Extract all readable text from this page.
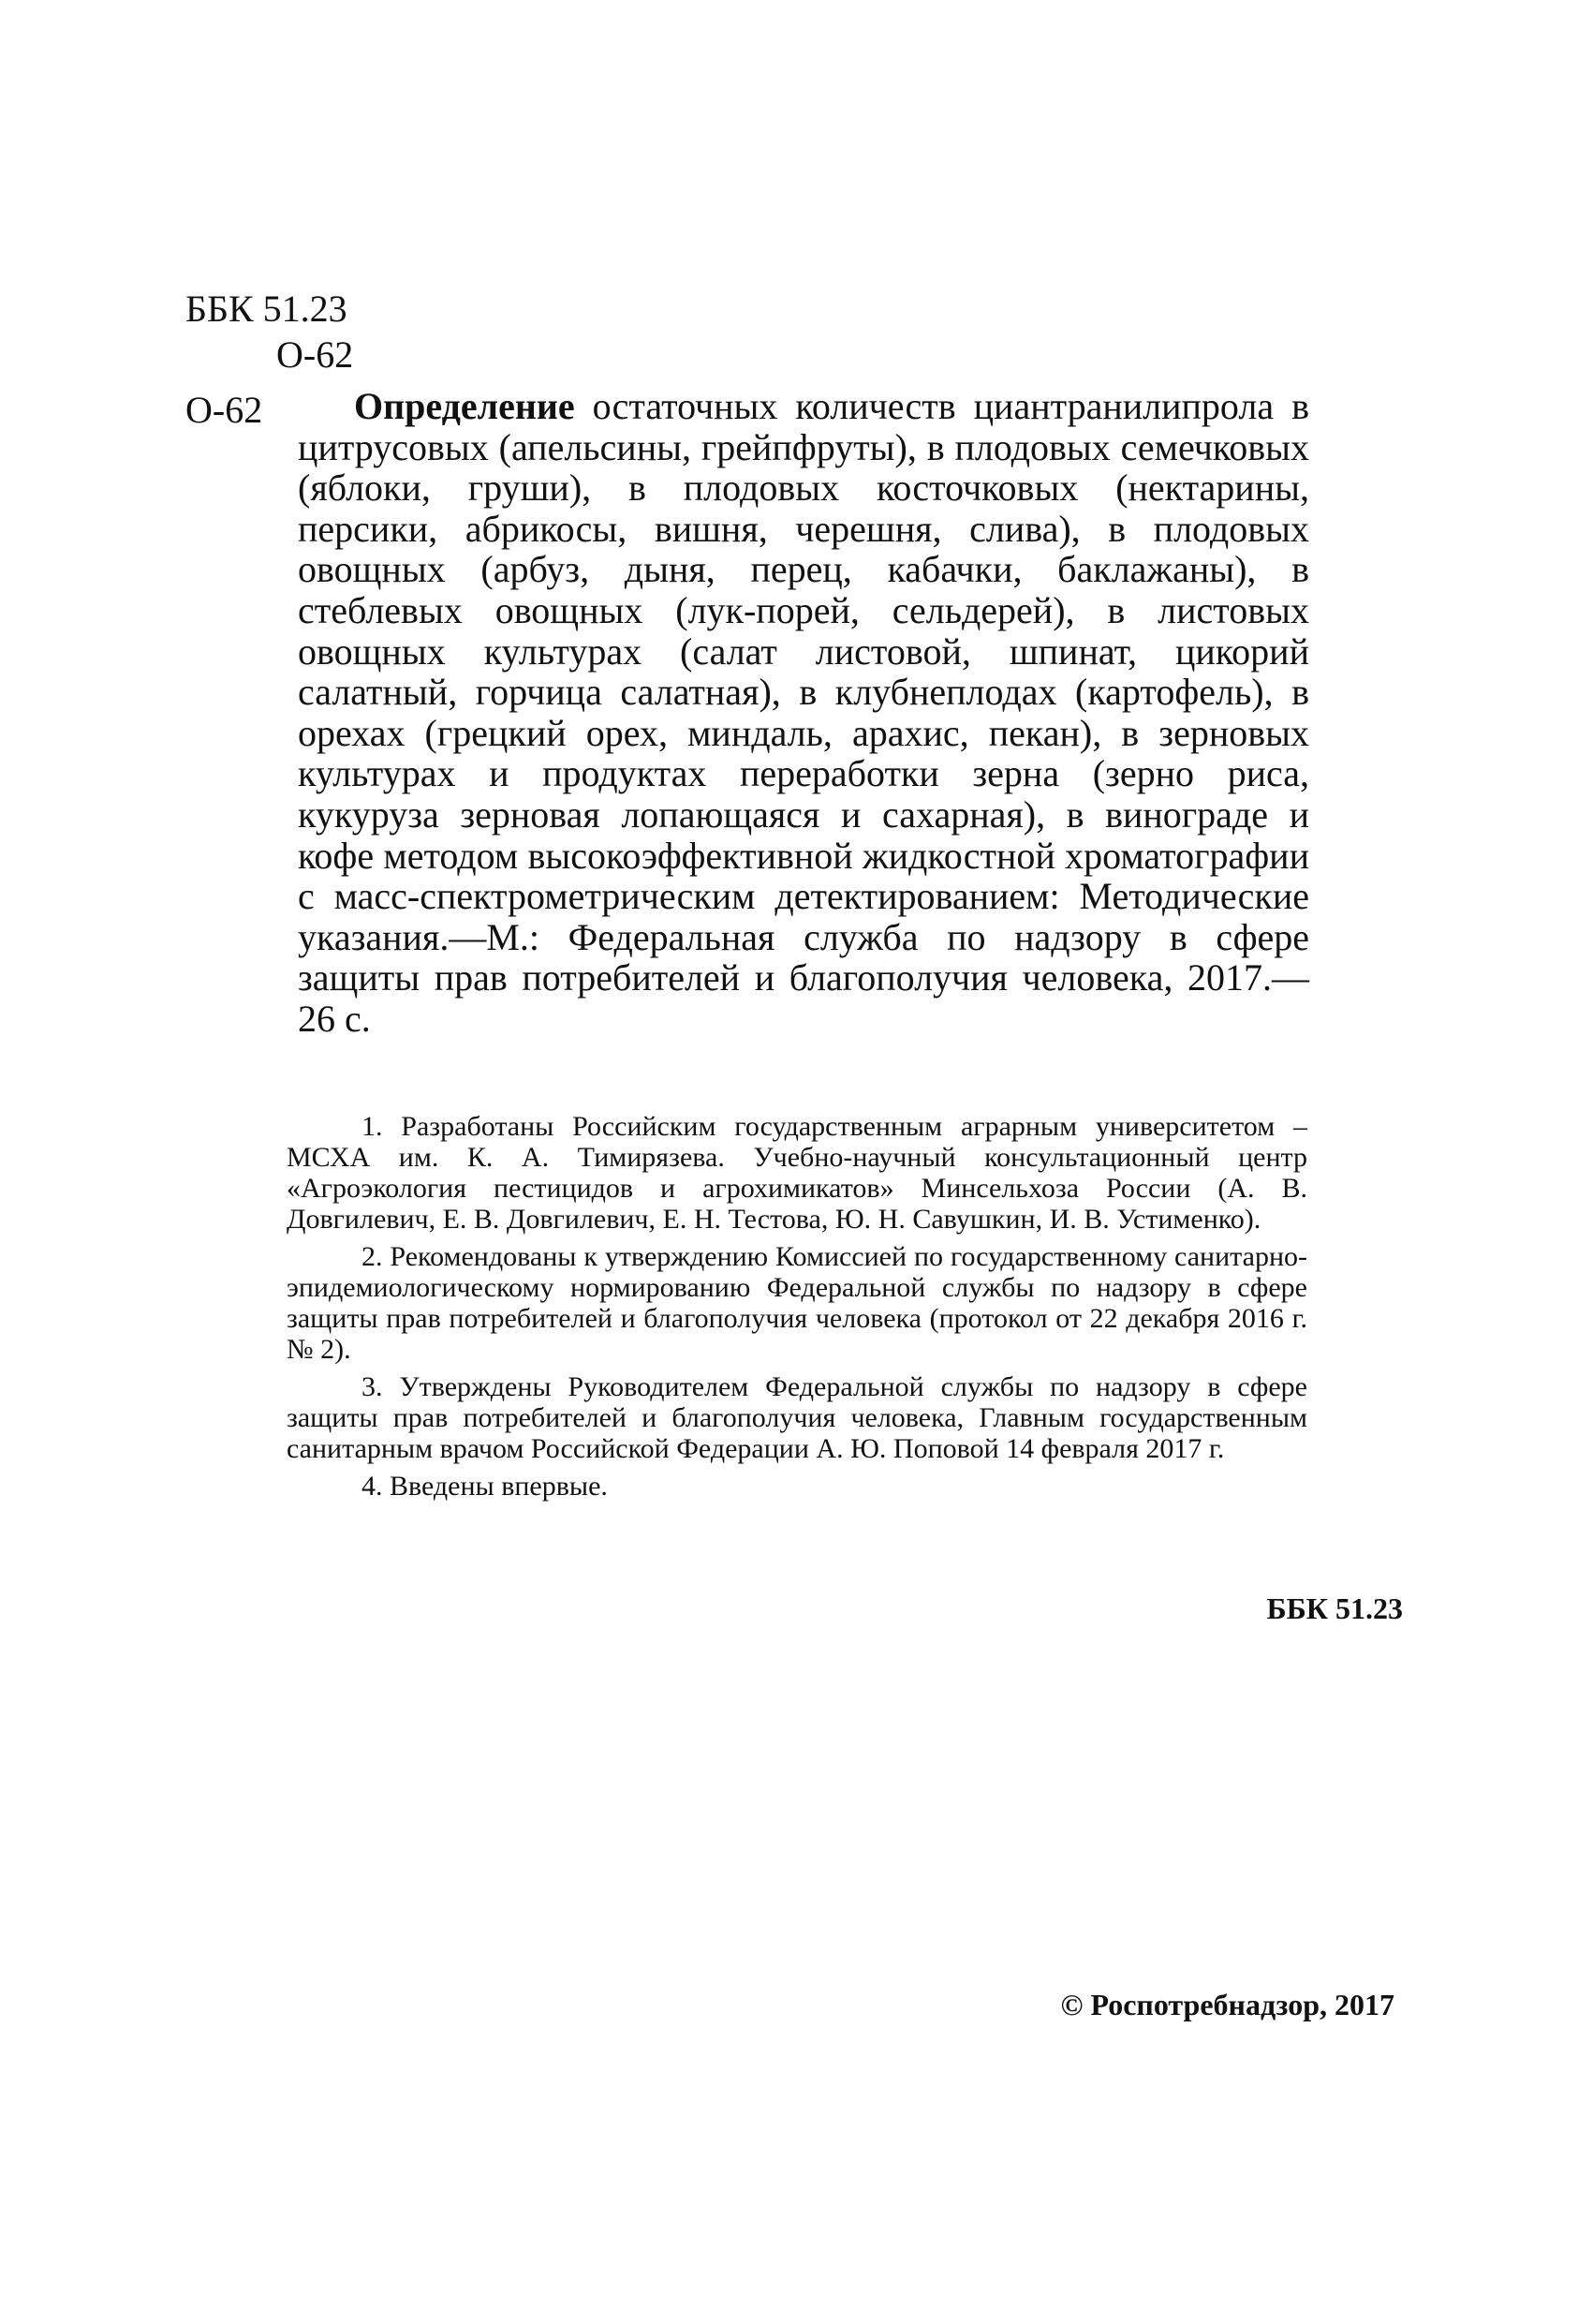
ББК 51.23
О-62
О-62	Определение остаточных количеств циантранилипрола в цитрусовых (апельсины, грейпфруты), в плодовых семечковых (яблоки, груши), в плодовых косточковых (нектарины, персики, абрикосы, вишня, черешня, слива), в плодовых овощных (арбуз, дыня, перец, кабачки, баклажаны), в стеблевых овощных (лук-порей, сельдерей), в листовых овощных культурах (салат листовой, шпинат, цикорий салатный, горчица салатная), в клубнеплодах (картофель), в орехах (грецкий орех, миндаль, арахис, пекан), в зерновых культурах и продуктах переработки зерна (зерно риса, кукуруза зерновая лопающаяся и сахарная), в винограде и кофе методом высокоэффективной жидкостной хроматографии с масс-спектрометрическим детектированием: Методические указания.—М.: Федеральная служба по надзору в сфере защиты прав потребителей и благополучия человека, 2017.—26 с.

1. Разработаны Российским государственным аграрным университетом – МСХА им. К. А. Тимирязева. Учебно-научный консультационный центр «Агроэкология пестицидов и агрохимикатов» Минсельхоза России (А. В. Довгилевич, Е. В. Довгилевич, Е. Н. Тестова, Ю. Н. Савушкин, И. В. Устименко).

2. Рекомендованы к утверждению Комиссией по государственному санитарно-эпидемиологическому нормированию Федеральной службы по надзору в сфере защиты прав потребителей и благополучия человека (протокол от 22 декабря 2016 г. № 2).

3. Утверждены Руководителем Федеральной службы по надзору в сфере защиты прав потребителей и благополучия человека, Главным государственным санитарным врачом Российской Федерации А. Ю. Поповой 14 февраля 2017 г.

4. Введены впервые.

ББК 51.23
© Роспотребнадзор, 2017
